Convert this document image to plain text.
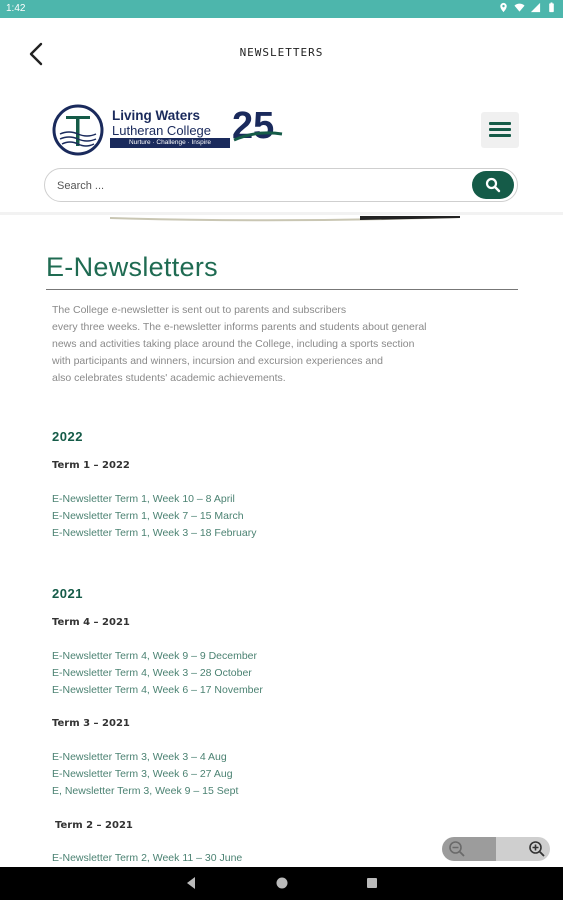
1:42
NEWSLETTERS
Living Waters
Lutheran College
Nurture · Challenge · Inspire 25
Search ...
E-Newsletters
The College e-newsletter is sent out to parents and subscribers
every three weeks. The e-newsletter informs parents and students about general
news and activities taking place around the College, including a sports section
with participants and winners, incursion and excursion experiences and
also celebrates students' academic achievements.
2022
Term 1 – 2022
E-Newsletter Term 1, Week 10 – 8 April
E-Newsletter Term 1, Week 7 – 15 March
E-Newsletter Term 1, Week 3 – 18 February
2021
Term 4 – 2021
E-Newsletter Term 4, Week 9 – 9 December
E-Newsletter Term 4, Week 3 – 28 October
E-Newsletter Term 4, Week 6 – 17 November
Term 3 – 2021
E-Newsletter Term 3, Week 3 – 4 Aug
E-Newsletter Term 3, Week 6 – 27 Aug
E, Newsletter Term 3, Week 9 – 15 Sept
Term 2 – 2021
E-Newsletter Term 2, Week 11 – 30 June
